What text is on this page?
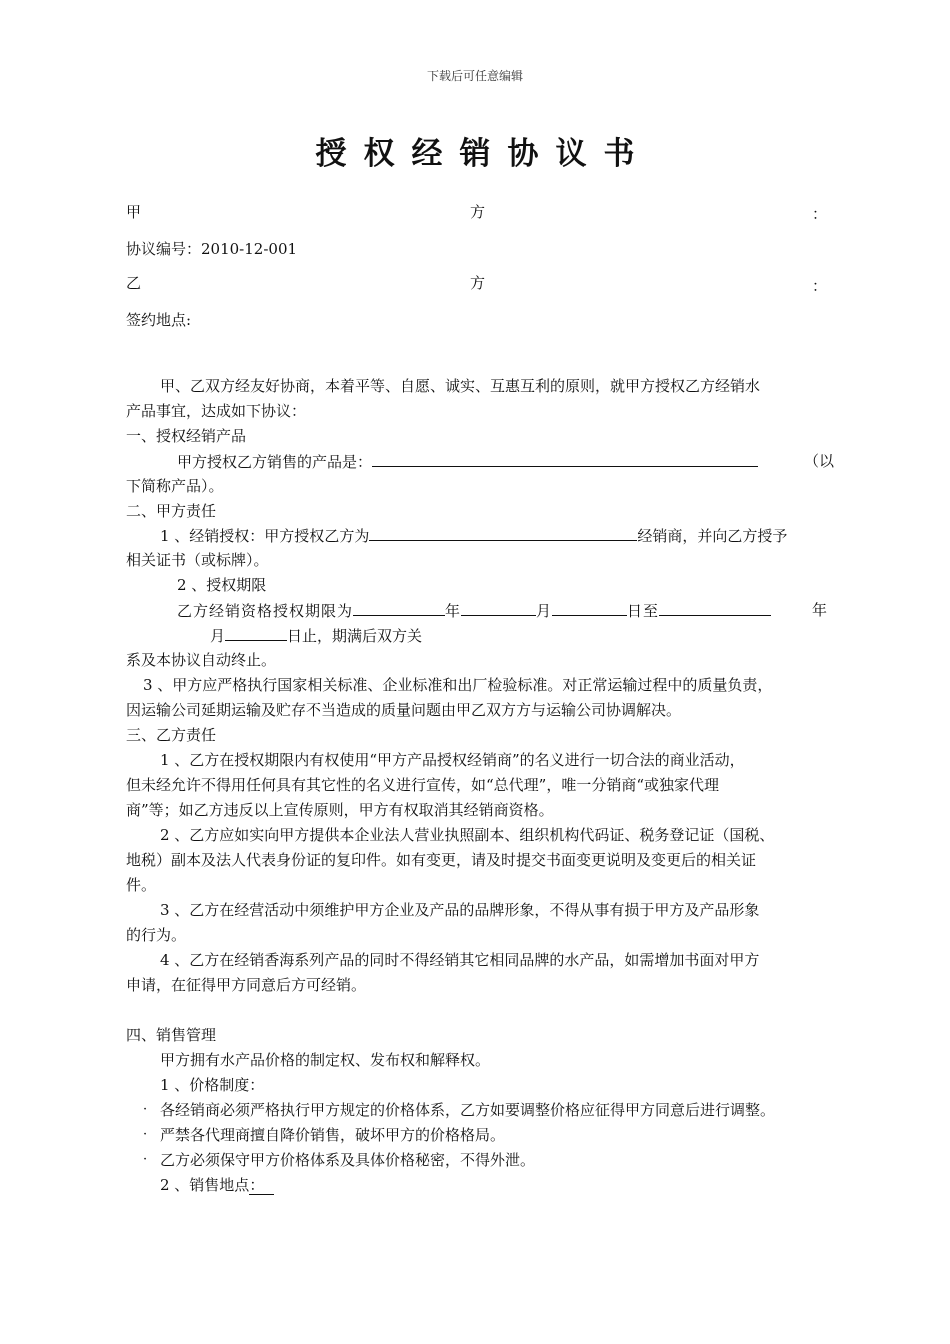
下载后可任意编辑
授权经销协议书
甲	方	：
协议编号：2010-12-001
乙	方	：
签约地点:
甲、乙双方经友好协商，本着平等、自愿、诚实、互惠互利的原则，就甲方授权乙方经销水
产品事宜，达成如下协议：
一、授权经销产品
甲方授权乙方销售的产品是：	（以
下简称产品）。
二、甲方责任
1 、经销授权：甲方授权乙方为	经销商，并向乙方授予
相关证书（或标牌）。
2 、授权期限
乙方经销资格授权期限为	年	月	日至	年
月	日止，期满后双方关
系及本协议自动终止。
3 、甲方应严格执行国家相关标准、企业标准和出厂检验标准。对正常运输过程中的质量负责，
因运输公司延期运输及贮存不当造成的质量问题由甲乙双方方与运输公司协调解决。
三、乙方责任
1 、乙方在授权期限内有权使用“甲方产品授权经销商”的名义进行一切合法的商业活动，
但未经允许不得用任何具有其它性的名义进行宣传，如“总代理”，唯一分销商“或独家代理
商”等；如乙方违反以上宣传原则，甲方有权取消其经销商资格。
2 、乙方应如实向甲方提供本企业法人营业执照副本、组织机构代码证、税务登记证（国税、
地税）副本及法人代表身份证的复印件。如有变更，请及时提交书面变更说明及变更后的相关证
件。
3 、乙方在经营活动中须维护甲方企业及产品的品牌形象，不得从事有损于甲方及产品形象
的行为。
4 、乙方在经销香海系列产品的同时不得经销其它相同品牌的水产品，如需增加书面对甲方
申请，在征得甲方同意后方可经销。
四、销售管理
甲方拥有水产品价格的制定权、发布权和解释权。
1 、价格制度：
· 各经销商必须严格执行甲方规定的价格体系，乙方如要调整价格应征得甲方同意后进行调整。
· 严禁各代理商擅自降价销售，破坏甲方的价格格局。
· 乙方必须保守甲方价格体系及具体价格秘密，不得外泄。
2 、销售地点：
